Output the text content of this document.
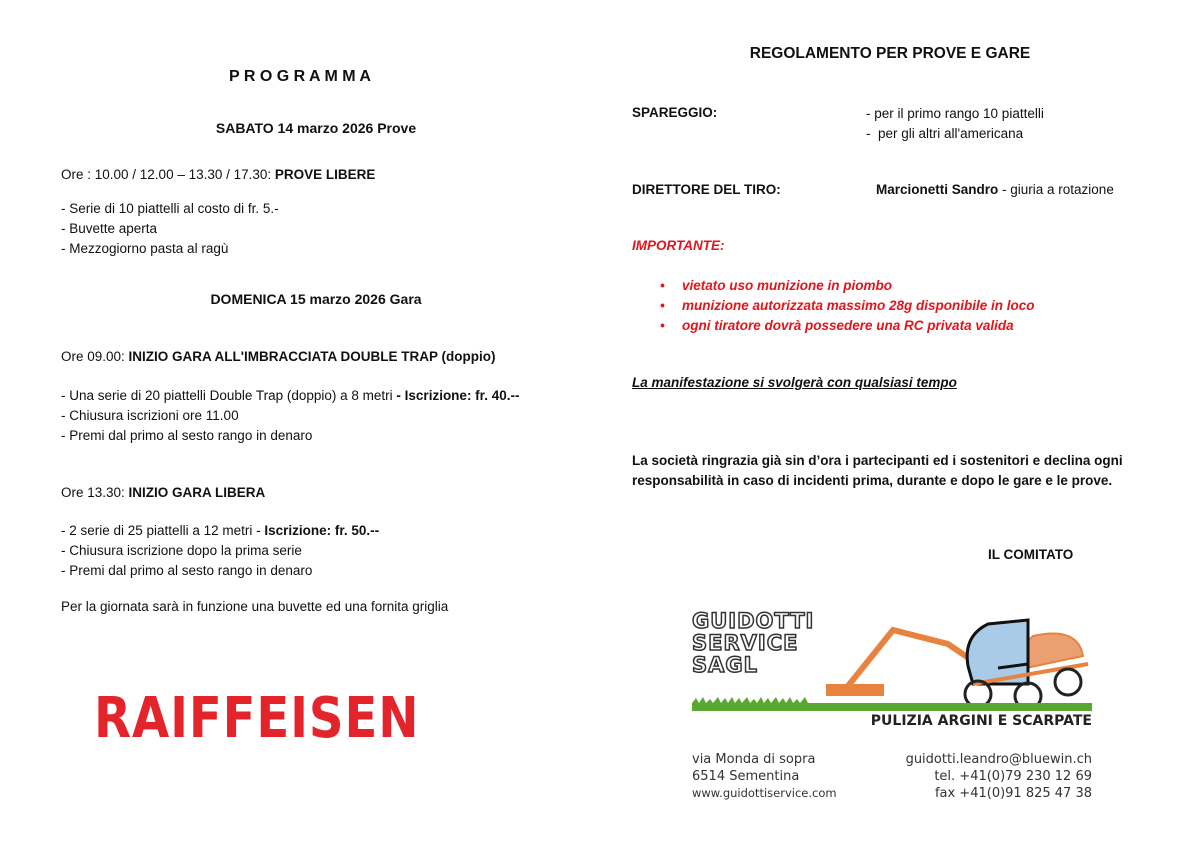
P R O G R A M M A
SABATO 14 marzo 2026 Prove
Ore : 10.00 / 12.00 – 13.30 / 17.30: PROVE LIBERE
- Serie di 10 piattelli al costo di fr. 5.-
- Buvette aperta
- Mezzogiorno pasta al ragù
DOMENICA 15 marzo 2026 Gara
Ore 09.00: INIZIO GARA ALL'IMBRACCIATA DOUBLE TRAP (doppio)
- Una serie di 20 piattelli Double Trap (doppio) a 8 metri - Iscrizione: fr. 40.--
- Chiusura iscrizioni ore 11.00
- Premi dal primo al sesto rango in denaro
Ore 13.30: INIZIO GARA LIBERA
- 2 serie di 25 piattelli a 12 metri - Iscrizione: fr. 50.--
- Chiusura iscrizione dopo la prima serie
- Premi dal primo al sesto rango in denaro
Per la giornata sarà in funzione una buvette ed una fornita griglia
RAIFFEISEN
REGOLAMENTO PER PROVE E GARE
SPAREGGIO:	- per il primo rango 10 piattelli
-  per gli altri all'americana
DIRETTORE DEL TIRO:	Marcionetti Sandro - giuria a rotazione
IMPORTANTE:
• vietato uso munizione in piombo
• munizione autorizzata massimo 28g disponibile in loco
• ogni tiratore dovrà possedere una RC privata valida
La manifestazione si svolgerà con qualsiasi tempo
La società ringrazia già sin d’ora i partecipanti ed i sostenitori e declina ogni
responsabilità in caso di incidenti prima, durante e dopo le gare e le prove.
IL COMITATO
GUIDOTTI
SERVICE
SAGL
PULIZIA ARGINI E SCARPATE
via Monda di sopra
6514 Sementina
www.guidottiservice.com
guidotti.leandro@bluewin.ch
tel. +41(0)79 230 12 69
fax +41(0)91 825 47 38
